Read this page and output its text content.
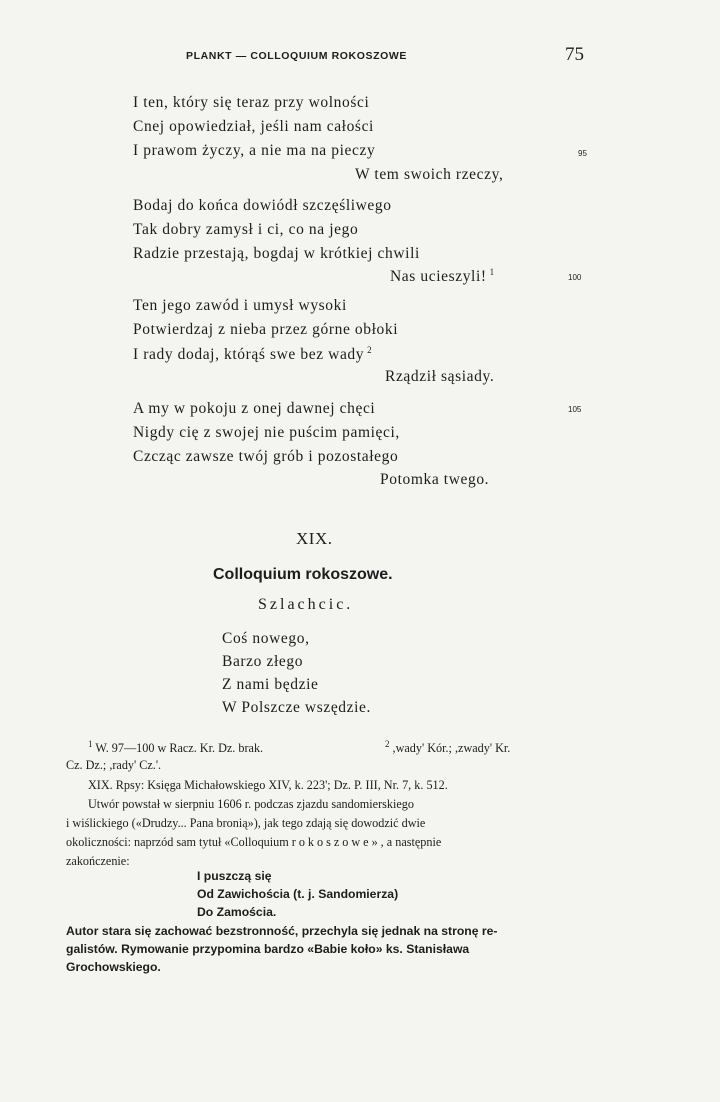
PLANKT — COLLOQUIUM ROKOSZOWE	75
I ten, który się teraz przy wolności
Cnej opowiedział, jeśli nam całości
I prawom życzy, a nie ma na pieczy
W tem swoich rzeczy,
95
Bodaj do końca dowiódł szczęśliwego
Tak dobry zamysł i ci, co na jego
Radzie przestają, bogdaj w krótkiej chwili
Nas ucieszyli! $^1$
100
Ten jego zawód i umysł wysoki
Potwierdzaj z nieba przez górne obłoki
I rady dodaj, którąś swe bez wady $^2$
Rządził sąsiady.
A my w pokoju z onej dawnej chęci
Nigdy cię z swojej nie puścim pamięci,
Czcząc zawsze twój grób i pozostałego
Potomka twego.
105
XIX.
Colloquium rokoszowe.
Szlachcic.
Coś nowego,
Barzo złego
Z nami będzie
W Polszcze wszędzie.
$^1$ W. 97—100 w Racz. Kr. Dz. brak.	$^2$ ,wady' Kór.; ,zwady' Kr.
Cz. Dz.; ,rady' Cz.'.
XIX. Rpsy: Księga Michałowskiego XIV, k. 223'; Dz. P. III, Nr. 7, k. 512.
Utwór powstał w sierpniu 1606 r. podczas zjazdu sandomierskiego
i wiślickiego («Drudzy... Pana bronią»), jak tego zdają się dowodzić dwie
okoliczności: naprzód sam tytuł «Colloquium rokoszowe», a następnie
zakończenie:
I puszczą się
Od Zawichościa (t. j. Sandomierza)
Do Zamościa.
Autor stara się zachować bezstronność, przechyla się jednak na stronę re-
galistów. Rymowanie przypomina bardzo «Babie koło» ks. Stanisława
Grochowskiego.
